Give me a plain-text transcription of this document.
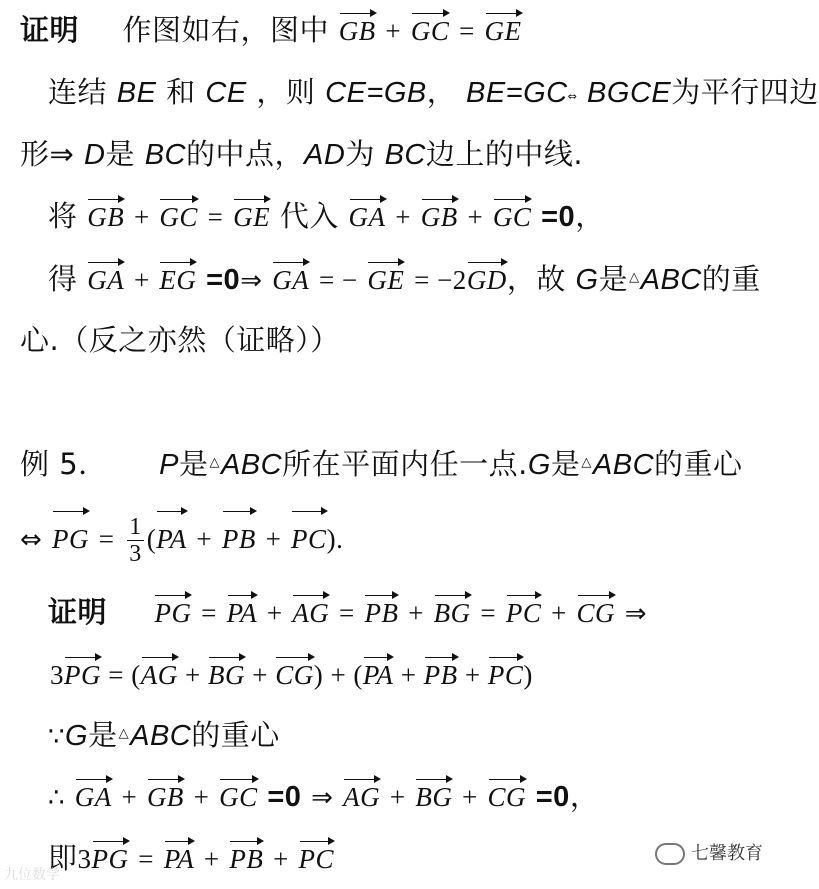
证明 作图如右，图中 GB + GC = GE
连结 BE 和 CE ，则 CE=GB， BE=GC⇔ BGCE为平行四边
形⇒ D是 BC的中点，AD为 BC边上的中线.
将 GB + GC = GE 代入 GA + GB + GC =0，
得 GA + EG =0⇒ GA = − GE = −2GD，故 G是△ABC的重
心.（反之亦然（证略））
例 5． P是△ABC所在平面内任一点.G是△ABC的重心
⇔ PG = $\frac{1}{3} (PA$ + PB + PC).
证明 PG = PA + AG = PB + BG = PC + CG ⇒
3PG = (AG + BG + CG) + (PA + PB + PC)
∵G是△ABC的重心
∴ GA + GB + GC =0 ⇒ AG + BG + CG =0，
即3PG = PA + PB + PC
九位数学
七馨教育
